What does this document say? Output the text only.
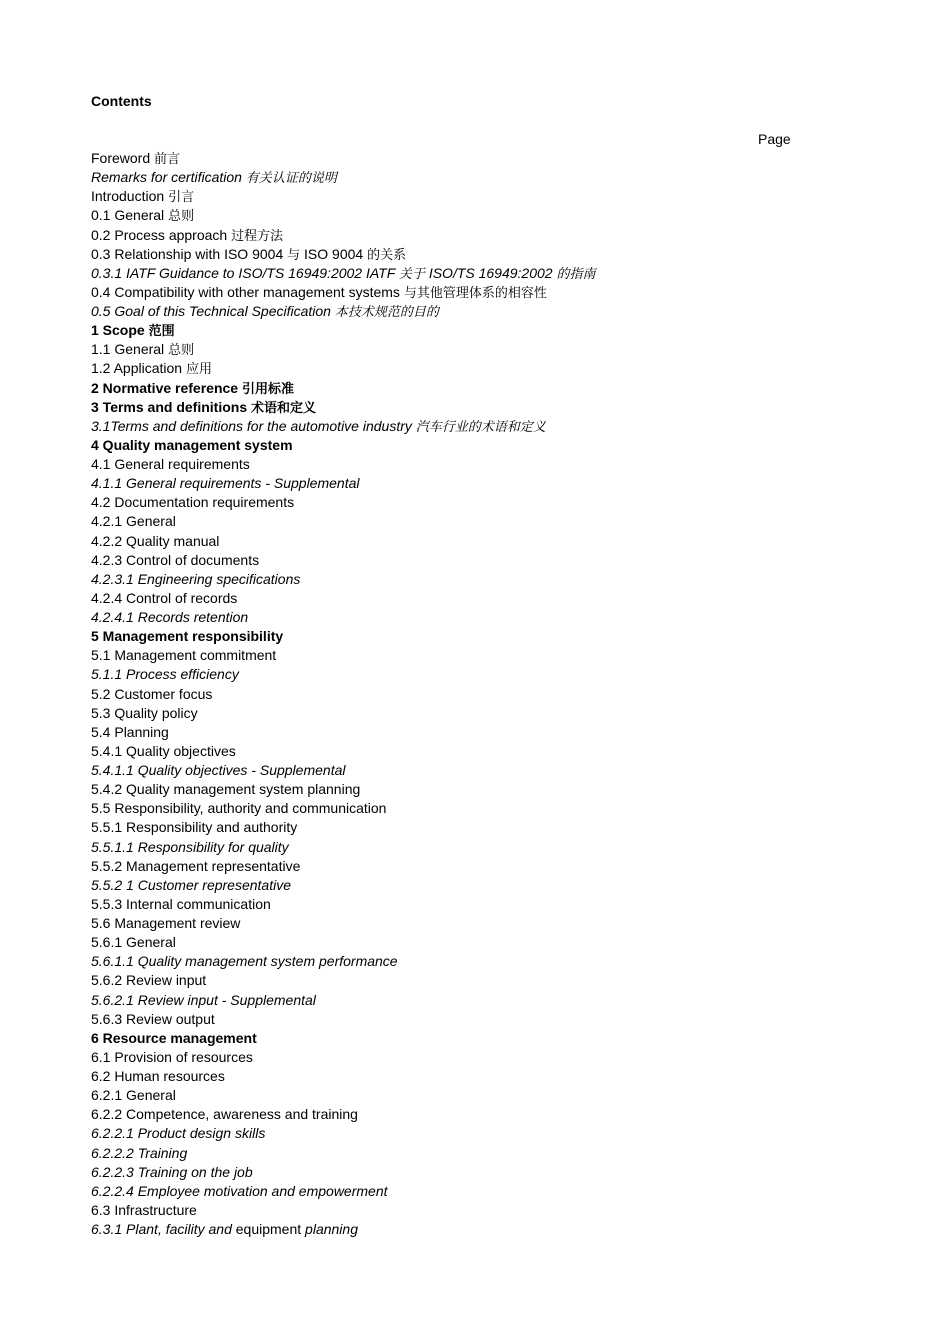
Contents
Page
Foreword 前言
Remarks for certification 有关认证的说明
Introduction 引言
0.1 General 总则
0.2 Process approach 过程方法
0.3 Relationship with ISO 9004 与 ISO 9004 的关系
0.3.1 IATF Guidance to ISO/TS 16949:2002 IATF 关于 ISO/TS 16949:2002 的指南
0.4 Compatibility with other management systems 与其他管理体系的相容性
0.5 Goal of this Technical Specification 本技术规范的目的
1 Scope 范围
1.1 General 总则
1.2 Application 应用
2 Normative reference 引用标准
3 Terms and definitions 术语和定义
3.1Terms and definitions for the automotive industry 汽车行业的术语和定义
4 Quality management system
4.1 General requirements
4.1.1 General requirements - Supplemental
4.2 Documentation requirements
4.2.1 General
4.2.2 Quality manual
4.2.3 Control of documents
4.2.3.1 Engineering specifications
4.2.4 Control of records
4.2.4.1 Records retention
5 Management responsibility
5.1 Management commitment
5.1.1 Process efficiency
5.2 Customer focus
5.3 Quality policy
5.4 Planning
5.4.1 Quality objectives
5.4.1.1 Quality objectives - Supplemental
5.4.2 Quality management system planning
5.5 Responsibility, authority and communication
5.5.1 Responsibility and authority
5.5.1.1 Responsibility for quality
5.5.2 Management representative
5.5.2 1 Customer representative
5.5.3 Internal communication
5.6 Management review
5.6.1 General
5.6.1.1 Quality management system performance
5.6.2 Review input
5.6.2.1 Review input - Supplemental
5.6.3 Review output
6 Resource management
6.1 Provision of resources
6.2 Human resources
6.2.1 General
6.2.2 Competence, awareness and training
6.2.2.1 Product design skills
6.2.2.2 Training
6.2.2.3 Training on the job
6.2.2.4 Employee motivation and empowerment
6.3 Infrastructure
6.3.1 Plant, facility and equipment planning
